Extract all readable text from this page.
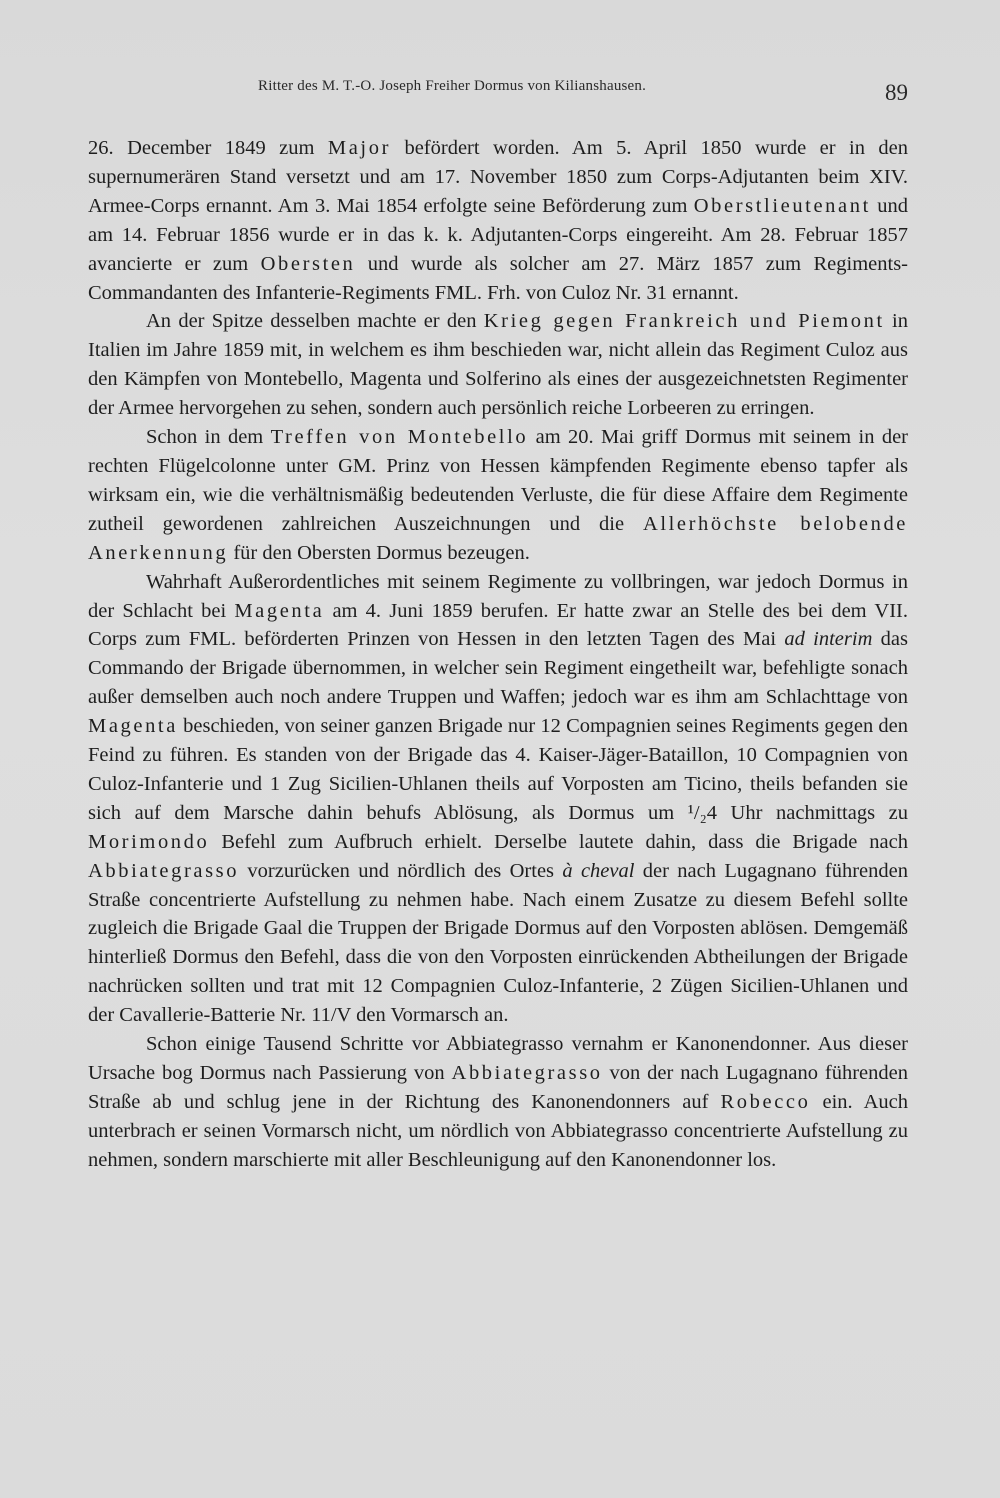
Ritter des M. T.-O. Joseph Freiher Dormus von Kilianshausen.	89

26. December 1849 zum Major befördert worden. Am 5. April 1850 wurde er in den supernumerären Stand versetzt und am 17. November 1850 zum Corps-Adjutanten beim XIV. Armee-Corps ernannt. Am 3. Mai 1854 erfolgte seine Beförderung zum Oberstlieutenant und am 14. Februar 1856 wurde er in das k. k. Adjutanten-Corps eingereiht. Am 28. Februar 1857 avancierte er zum Obersten und wurde als solcher am 27. März 1857 zum Regiments-Commandanten des Infanterie-Regiments FML. Frh. von Culoz Nr. 31 ernannt.

An der Spitze desselben machte er den Krieg gegen Frankreich und Piemont in Italien im Jahre 1859 mit, in welchem es ihm beschieden war, nicht allein das Regiment Culoz aus den Kämpfen von Montebello, Magenta und Solferino als eines der ausgezeichnetsten Regimenter der Armee hervorgehen zu sehen, sondern auch persönlich reiche Lorbeeren zu erringen.

Schon in dem Treffen von Montebello am 20. Mai griff Dormus mit seinem in der rechten Flügelcolonne unter GM. Prinz von Hessen kämpfenden Regimente ebenso tapfer als wirksam ein, wie die verhältnismäßig bedeutenden Verluste, die für diese Affaire dem Regimente zutheil gewordenen zahlreichen Auszeichnungen und die Allerhöchste belobende Anerkennung für den Obersten Dormus bezeugen.

Wahrhaft Außerordentliches mit seinem Regimente zu vollbringen, war jedoch Dormus in der Schlacht bei Magenta am 4. Juni 1859 berufen. Er hatte zwar an Stelle des bei dem VII. Corps zum FML. beförderten Prinzen von Hessen in den letzten Tagen des Mai ad interim das Commando der Brigade übernommen, in welcher sein Regiment eingetheilt war, befehligte sonach außer demselben auch noch andere Truppen und Waffen; jedoch war es ihm am Schlachttage von Magenta beschieden, von seiner ganzen Brigade nur 12 Compagnien seines Regiments gegen den Feind zu führen. Es standen von der Brigade das 4. Kaiser-Jäger-Bataillon, 10 Compagnien von Culoz-Infanterie und 1 Zug Sicilien-Uhlanen theils auf Vorposten am Ticino, theils befanden sie sich auf dem Marsche dahin behufs Ablösung, als Dormus um ¹/₂4 Uhr nachmittags zu Morimondo Befehl zum Aufbruch erhielt. Derselbe lautete dahin, dass die Brigade nach Abbiategrasso vorzurücken und nördlich des Ortes à cheval der nach Lugagnano führenden Straße concentrierte Aufstellung zu nehmen habe. Nach einem Zusatze zu diesem Befehl sollte zugleich die Brigade Gaal die Truppen der Brigade Dormus auf den Vorposten ablösen. Demgemäß hinterließ Dormus den Befehl, dass die von den Vorposten einrückenden Abtheilungen der Brigade nachrücken sollten und trat mit 12 Compagnien Culoz-Infanterie, 2 Zügen Sicilien-Uhlanen und der Cavallerie-Batterie Nr. 11/V den Vormarsch an.

Schon einige Tausend Schritte vor Abbiategrasso vernahm er Kanonendonner. Aus dieser Ursache bog Dormus nach Passierung von Abbiategrasso von der nach Lugagnano führenden Straße ab und schlug jene in der Richtung des Kanonendonners auf Robecco ein. Auch unterbrach er seinen Vormarsch nicht, um nördlich von Abbiategrasso concentrierte Aufstellung zu nehmen, sondern marschierte mit aller Beschleunigung auf den Kanonendonner los.
